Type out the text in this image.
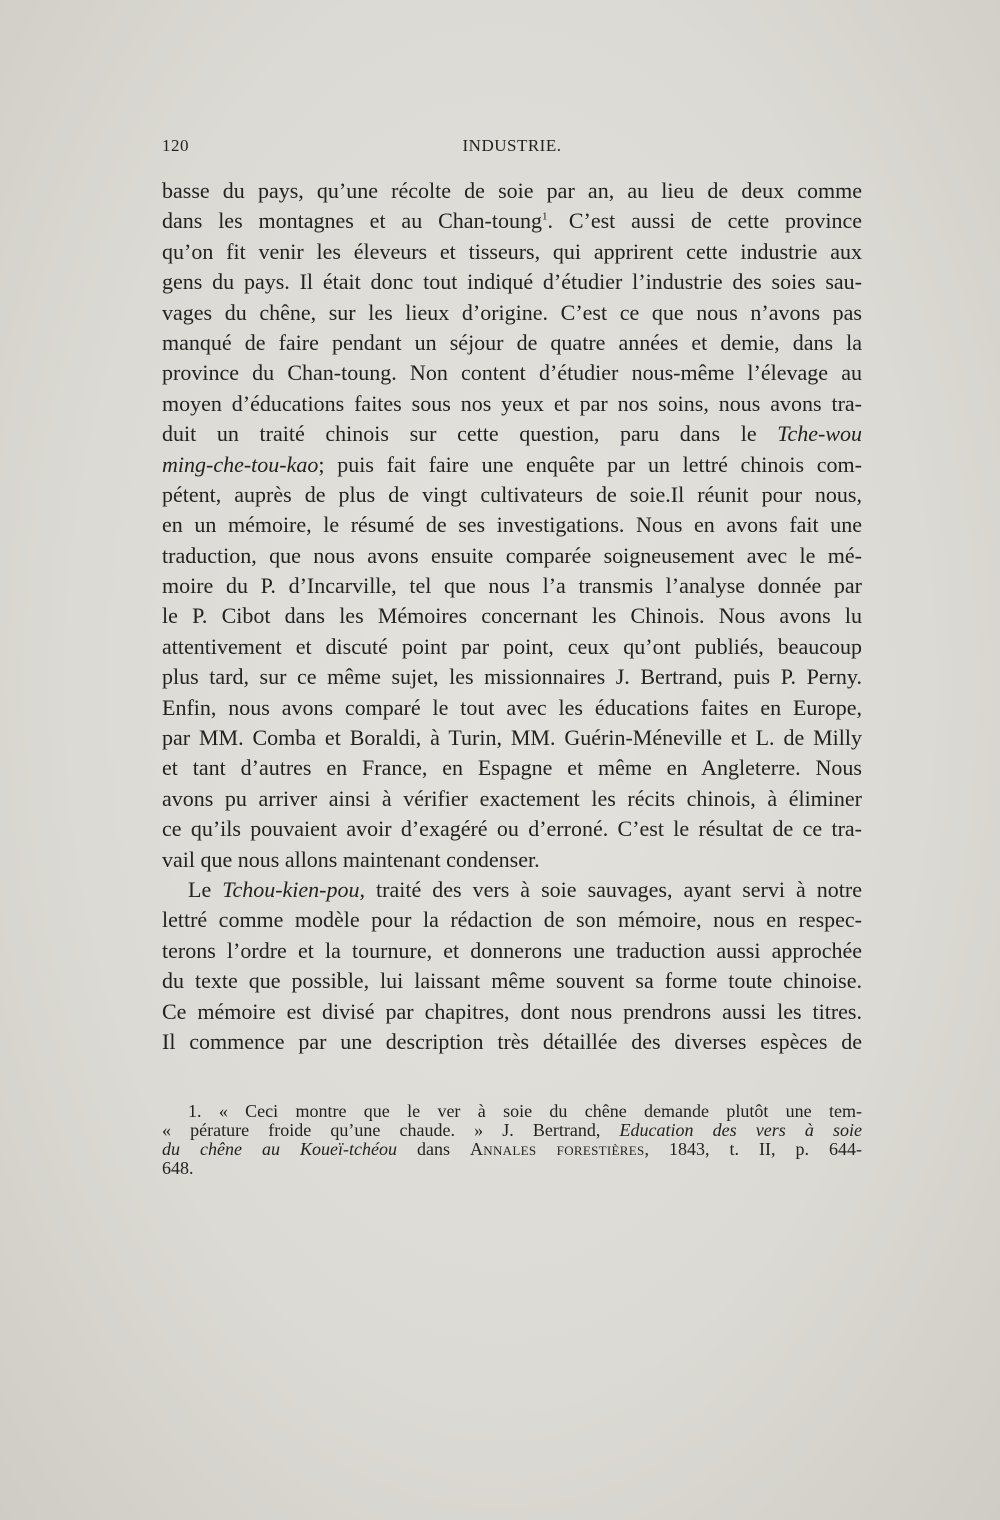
120	INDUSTRIE.

basse du pays, qu’une récolte de soie par an, au lieu de deux comme
dans les montagnes et au Chan-toung$^1$. C’est aussi de cette province
qu’on fit venir les éleveurs et tisseurs, qui apprirent cette industrie aux
gens du pays. Il était donc tout indiqué d’étudier l’industrie des soies sau-
vages du chêne, sur les lieux d’origine. C’est ce que nous n’avons pas
manqué de faire pendant un séjour de quatre années et demie, dans la
province du Chan-toung. Non content d’étudier nous-même l’élevage au
moyen d’éducations faites sous nos yeux et par nos soins, nous avons tra-
duit un traité chinois sur cette question, paru dans le Tche-wou
ming-che-tou-kao; puis fait faire une enquête par un lettré chinois com-
pétent, auprès de plus de vingt cultivateurs de soie.Il réunit pour nous,
en un mémoire, le résumé de ses investigations. Nous en avons fait une
traduction, que nous avons ensuite comparée soigneusement avec le mé-
moire du P. d’Incarville, tel que nous l’a transmis l’analyse donnée par
le P. Cibot dans les Mémoires concernant les Chinois. Nous avons lu
attentivement et discuté point par point, ceux qu’ont publiés, beaucoup
plus tard, sur ce même sujet, les missionnaires J. Bertrand, puis P. Perny.
Enfin, nous avons comparé le tout avec les éducations faites en Europe,
par MM. Comba et Boraldi, à Turin, MM. Guérin-Méneville et L. de Milly
et tant d’autres en France, en Espagne et même en Angleterre. Nous
avons pu arriver ainsi à vérifier exactement les récits chinois, à éliminer
ce qu’ils pouvaient avoir d’exagéré ou d’erroné. C’est le résultat de ce tra-
vail que nous allons maintenant condenser.

Le Tchou-kien-pou, traité des vers à soie sauvages, ayant servi à notre
lettré comme modèle pour la rédaction de son mémoire, nous en respec-
terons l’ordre et la tournure, et donnerons une traduction aussi approchée
du texte que possible, lui laissant même souvent sa forme toute chinoise.
Ce mémoire est divisé par chapitres, dont nous prendrons aussi les titres.
Il commence par une description très détaillée des diverses espèces de

1. « Ceci montre que le ver à soie du chêne demande plutôt une tem-
« pérature froide qu’une chaude. » J. Bertrand, Education des vers à soie
du chêne au Koueï-tchéou dans Annales forestières, 1843, t. II, p. 644-
648.
